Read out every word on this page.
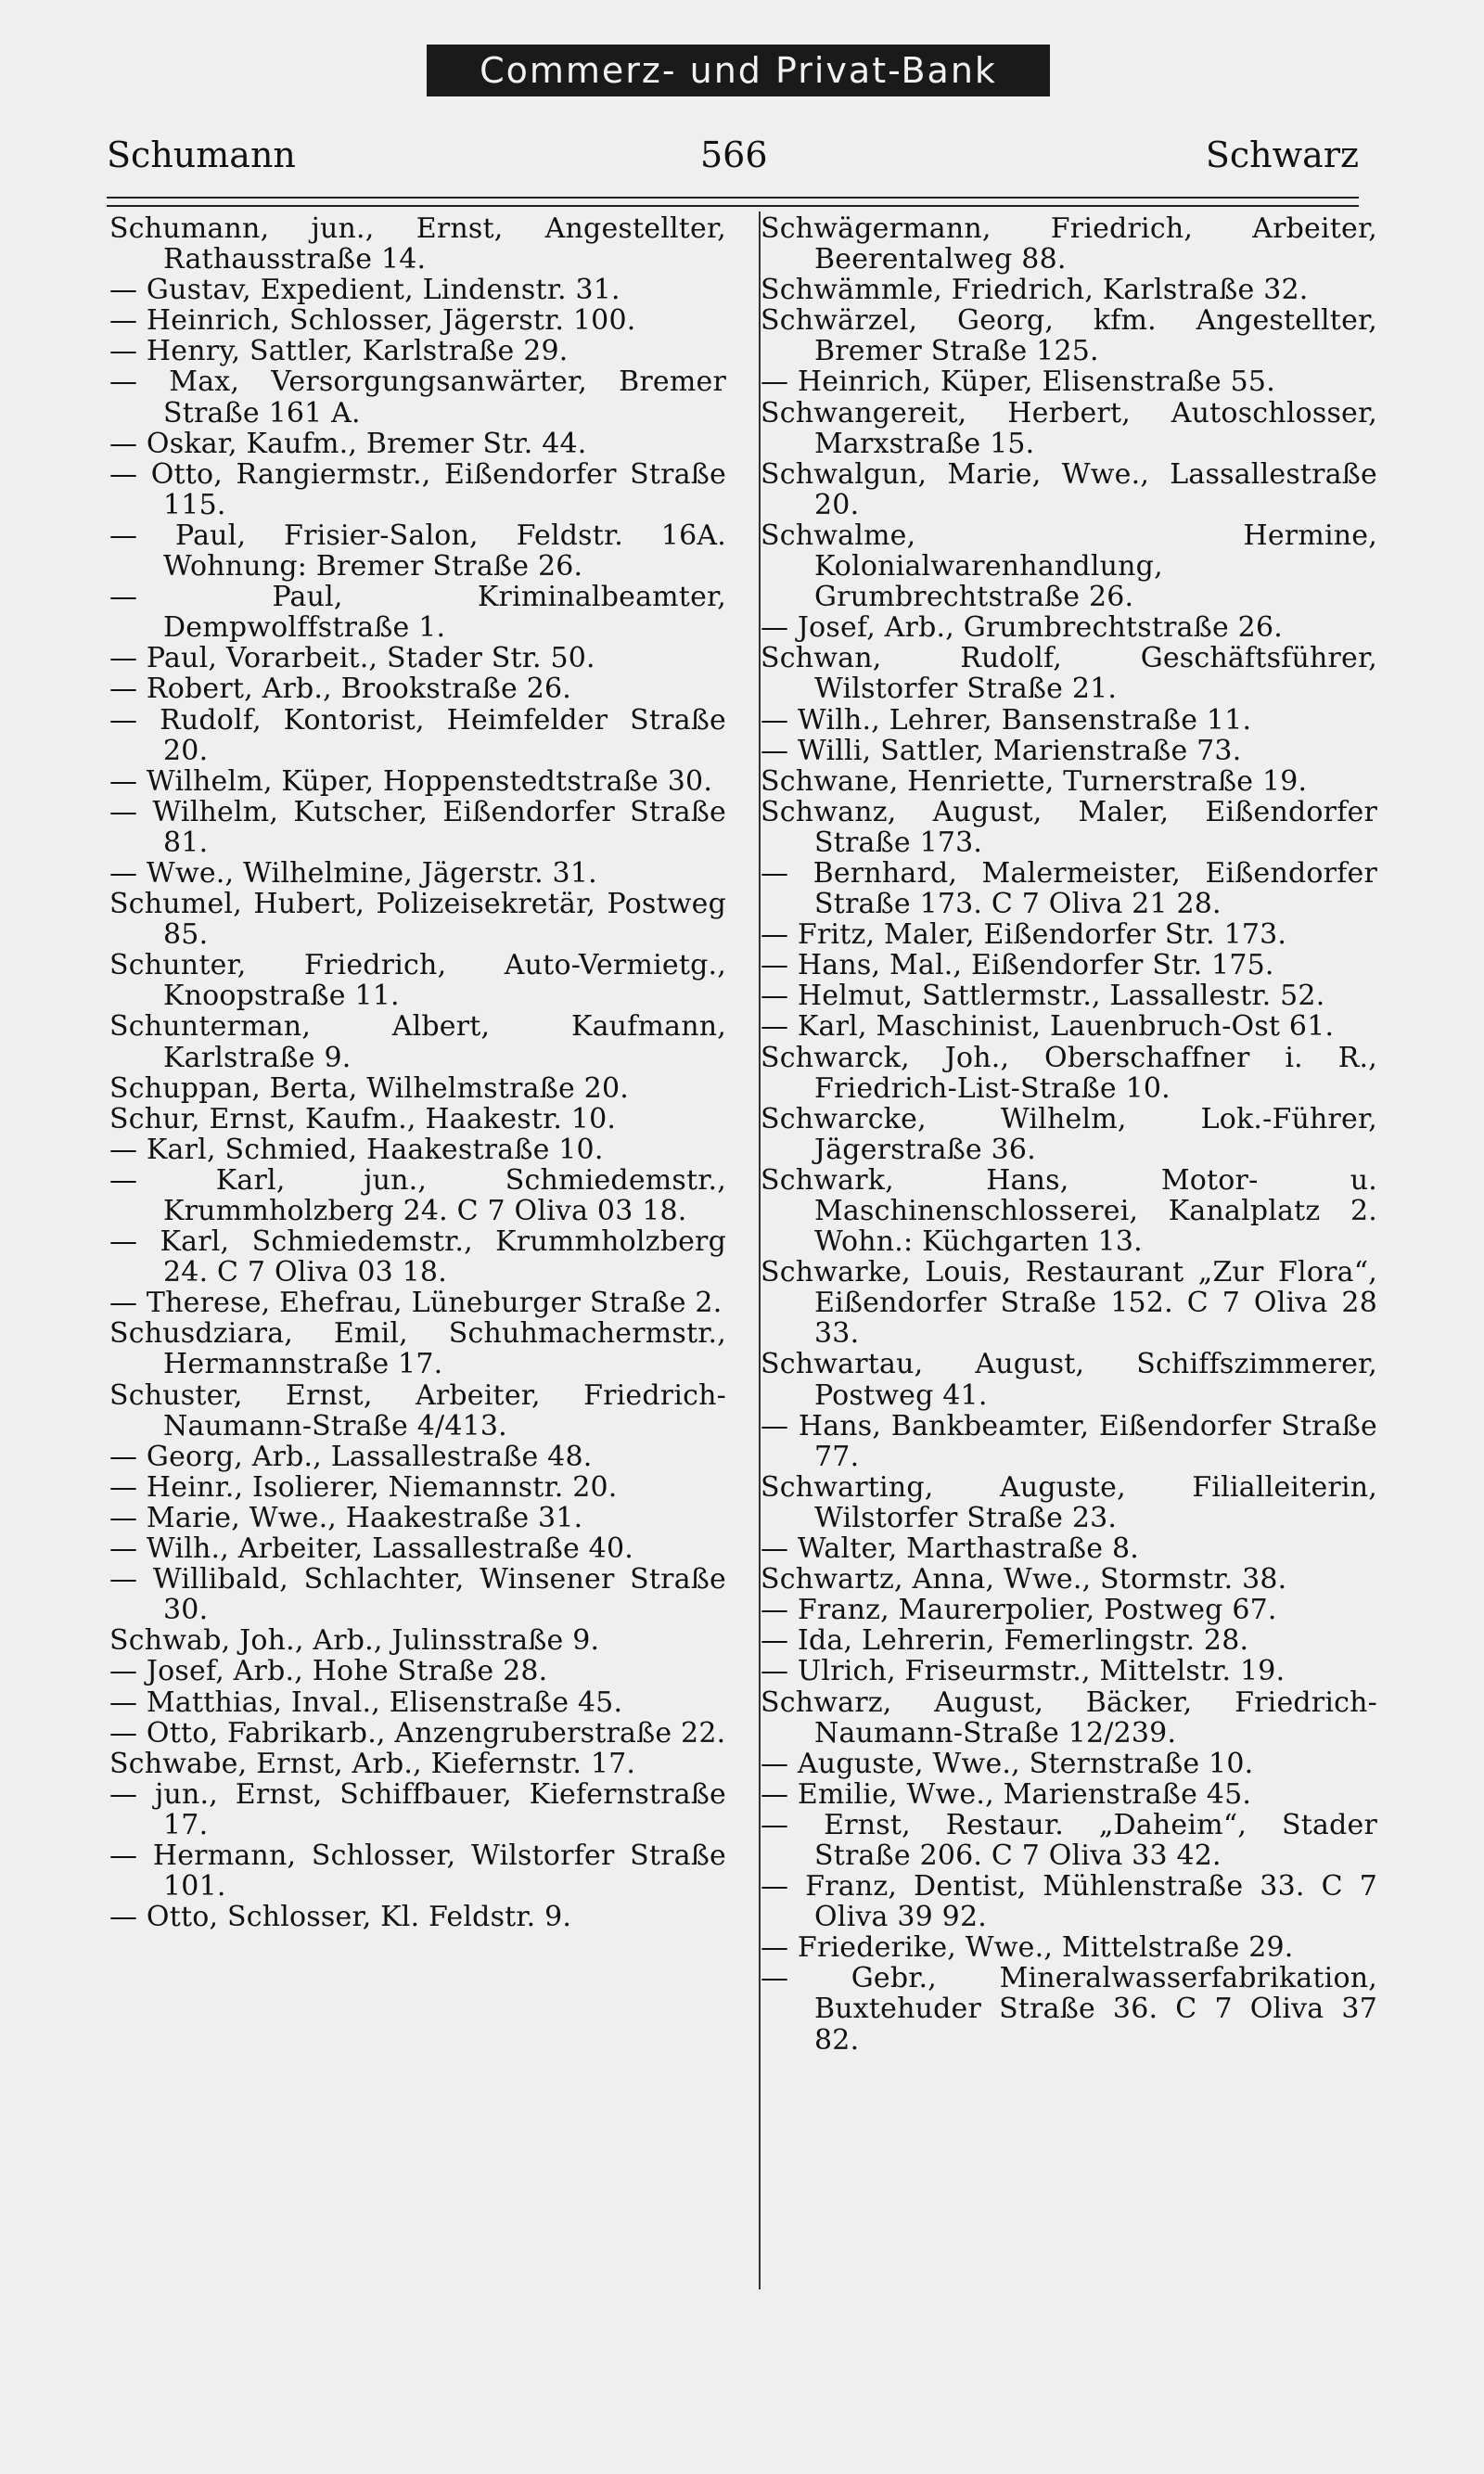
Commerz- und Privat-Bank
Schumann	566	Schwarz
Schumann, jun., Ernst, Angestellter, Rathausstraße 14.
— Gustav, Expedient, Lindenstr. 31.
— Heinrich, Schlosser, Jägerstr. 100.
— Henry, Sattler, Karlstraße 29.
— Max, Versorgungsanwärter, Bremer Straße 161 A.
— Oskar, Kaufm., Bremer Str. 44.
— Otto, Rangiermstr., Eißendorfer Straße 115.
— Paul, Frisier-Salon, Feldstr. 16A. Wohnung: Bremer Straße 26.
— Paul, Kriminalbeamter, Dempwolffstraße 1.
— Paul, Vorarbeit., Stader Str. 50.
— Robert, Arb., Brookstraße 26.
— Rudolf, Kontorist, Heimfelder Straße 20.
— Wilhelm, Küper, Hoppenstedtstraße 30.
— Wilhelm, Kutscher, Eißendorfer Straße 81.
— Wwe., Wilhelmine, Jägerstr. 31.
Schumel, Hubert, Polizeisekretär, Postweg 85.
Schunter, Friedrich, Auto-Vermietg., Knoopstraße 11.
Schunterman, Albert, Kaufmann, Karlstraße 9.
Schuppan, Berta, Wilhelmstraße 20.
Schur, Ernst, Kaufm., Haakestr. 10.
— Karl, Schmied, Haakestraße 10.
— Karl, jun., Schmiedemstr., Krummholzberg 24. C 7 Oliva 03 18.
— Karl, Schmiedemstr., Krummholzberg 24. C 7 Oliva 03 18.
— Therese, Ehefrau, Lüneburger Straße 2.
Schusdziara, Emil, Schuhmachermstr., Hermannstraße 17.
Schuster, Ernst, Arbeiter, Friedrich-Naumann-Straße 4/413.
— Georg, Arb., Lassallestraße 48.
— Heinr., Isolierer, Niemannstr. 20.
— Marie, Wwe., Haakestraße 31.
— Wilh., Arbeiter, Lassallestraße 40.
— Willibald, Schlachter, Winsener Straße 30.
Schwab, Joh., Arb., Julinsstraße 9.
— Josef, Arb., Hohe Straße 28.
— Matthias, Inval., Elisenstraße 45.
— Otto, Fabrikarb., Anzengruberstraße 22.
Schwabe, Ernst, Arb., Kiefernstr. 17.
— jun., Ernst, Schiffbauer, Kiefernstraße 17.
— Hermann, Schlosser, Wilstorfer Straße 101.
— Otto, Schlosser, Kl. Feldstr. 9.
Schwägermann, Friedrich, Arbeiter, Beerentalweg 88.
Schwämmle, Friedrich, Karlstraße 32.
Schwärzel, Georg, kfm. Angestellter, Bremer Straße 125.
— Heinrich, Küper, Elisenstraße 55.
Schwangereit, Herbert, Autoschlosser, Marxstraße 15.
Schwalgun, Marie, Wwe., Lassallestraße 20.
Schwalme, Hermine, Kolonialwarenhandlung, Grumbrechtstraße 26.
— Josef, Arb., Grumbrechtstraße 26.
Schwan, Rudolf, Geschäftsführer, Wilstorfer Straße 21.
— Wilh., Lehrer, Bansenstraße 11.
— Willi, Sattler, Marienstraße 73.
Schwane, Henriette, Turnerstraße 19.
Schwanz, August, Maler, Eißendorfer Straße 173.
— Bernhard, Malermeister, Eißendorfer Straße 173. C 7 Oliva 21 28.
— Fritz, Maler, Eißendorfer Str. 173.
— Hans, Mal., Eißendorfer Str. 175.
— Helmut, Sattlermstr., Lassallestr. 52.
— Karl, Maschinist, Lauenbruch-Ost 61.
Schwarck, Joh., Oberschaffner i. R., Friedrich-List-Straße 10.
Schwarcke, Wilhelm, Lok.-Führer, Jägerstraße 36.
Schwark, Hans, Motor- u. Maschinenschlosserei, Kanalplatz 2. Wohn.: Küchgarten 13.
Schwarke, Louis, Restaurant „Zur Flora“, Eißendorfer Straße 152. C 7 Oliva 28 33.
Schwartau, August, Schiffszimmerer, Postweg 41.
— Hans, Bankbeamter, Eißendorfer Straße 77.
Schwarting, Auguste, Filialleiterin, Wilstorfer Straße 23.
— Walter, Marthastraße 8.
Schwartz, Anna, Wwe., Stormstr. 38.
— Franz, Maurerpolier, Postweg 67.
— Ida, Lehrerin, Femerlingstr. 28.
— Ulrich, Friseurmstr., Mittelstr. 19.
Schwarz, August, Bäcker, Friedrich-Naumann-Straße 12/239.
— Auguste, Wwe., Sternstraße 10.
— Emilie, Wwe., Marienstraße 45.
— Ernst, Restaur. „Daheim“, Stader Straße 206. C 7 Oliva 33 42.
— Franz, Dentist, Mühlenstraße 33. C 7 Oliva 39 92.
— Friederike, Wwe., Mittelstraße 29.
— Gebr., Mineralwasserfabrikation, Buxtehuder Straße 36. C 7 Oliva 37 82.
